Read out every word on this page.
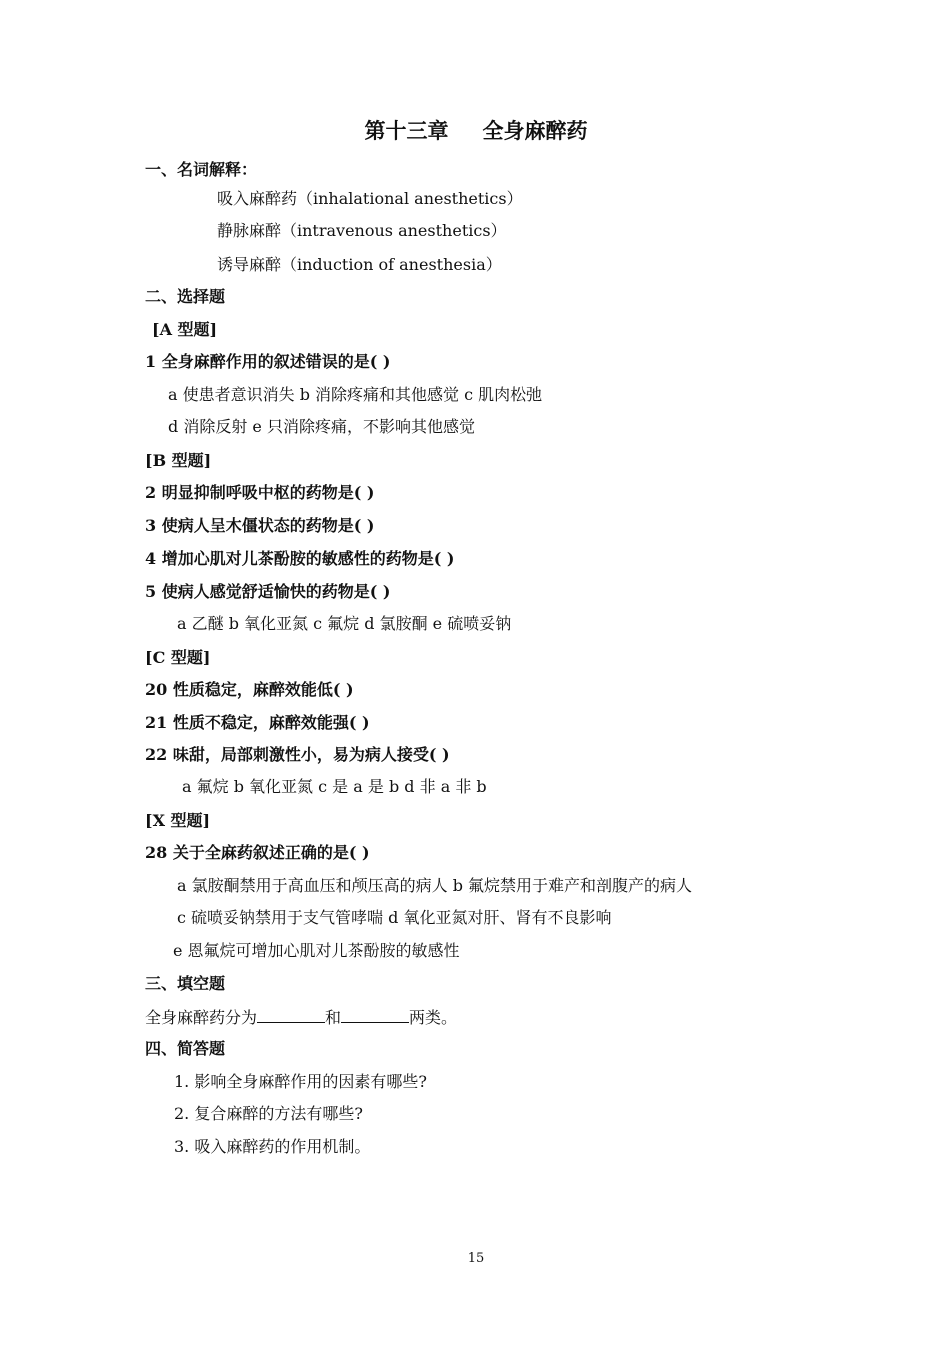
第十三章 全身麻醉药
一、名词解释：
吸入麻醉药（inhalational anesthetics）
静脉麻醉（intravenous anesthetics）
诱导麻醉（induction of anesthesia）
二、选择题
[A 型题]
1 全身麻醉作用的叙述错误的是( )
a 使患者意识消失 b 消除疼痛和其他感觉 c 肌肉松弛
d 消除反射 e 只消除疼痛，不影响其他感觉
[B 型题]
2 明显抑制呼吸中枢的药物是( )
3 使病人呈木僵状态的药物是( )
4 增加心肌对儿茶酚胺的敏感性的药物是( )
5 使病人感觉舒适愉快的药物是( )
a 乙醚 b 氧化亚氮 c 氟烷 d 氯胺酮 e 硫喷妥钠
[C 型题]
20 性质稳定，麻醉效能低( )
21 性质不稳定，麻醉效能强( )
22 味甜，局部刺激性小，易为病人接受( )
a 氟烷 b 氧化亚氮 c 是 a 是 b d 非 a 非 b
[X 型题]
28 关于全麻药叙述正确的是( )
a 氯胺酮禁用于高血压和颅压高的病人 b 氟烷禁用于难产和剖腹产的病人
c 硫喷妥钠禁用于支气管哮喘 d 氧化亚氮对肝、肾有不良影响
e 恩氟烷可增加心肌对儿茶酚胺的敏感性
三、填空题
全身麻醉药分为	和	两类。
四、简答题
1. 影响全身麻醉作用的因素有哪些?
2. 复合麻醉的方法有哪些?
3. 吸入麻醉药的作用机制。
15
